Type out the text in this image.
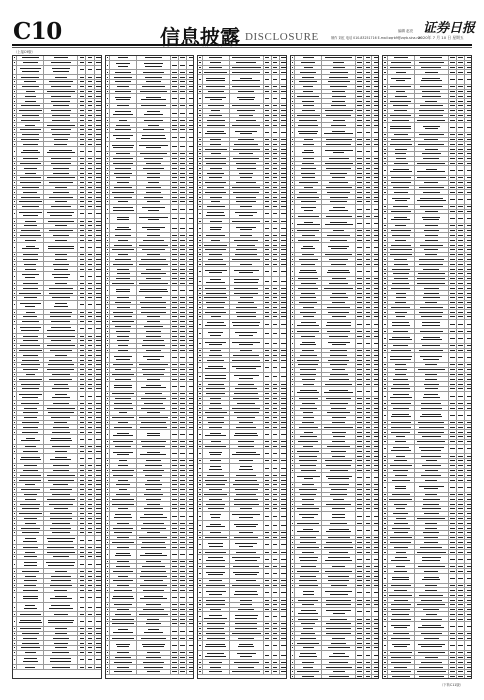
C10	信息披露 DISCLOSURE	编辑 赵亮
制作 刘红 电话 010-83251716 E-mail:zqrb9@zqrb.sina.net
证券日报
2020年 7 月 10 日 星期五
（上接C9版）
（下转C11版）
